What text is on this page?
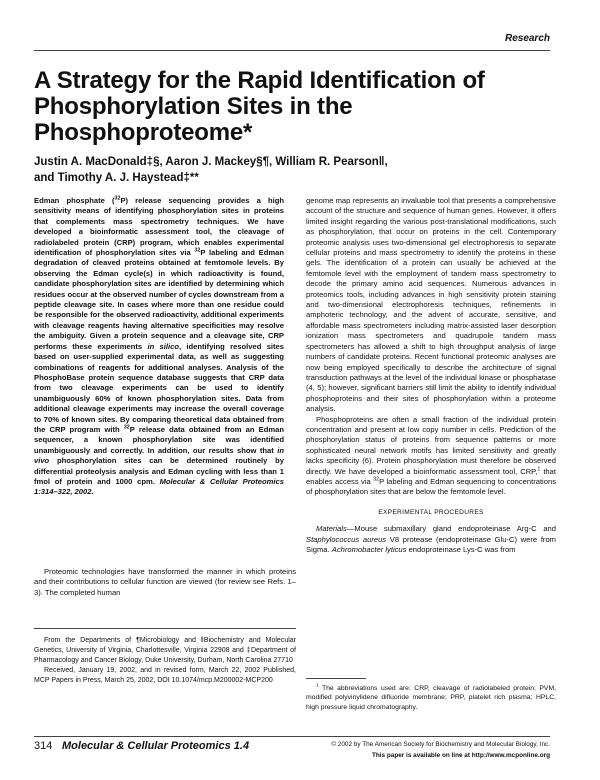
Research
A Strategy for the Rapid Identification of Phosphorylation Sites in the Phosphoproteome*
Justin A. MacDonald‡§, Aaron J. Mackey§¶, William R. Pearson‖,
and Timothy A. J. Haystead‡**

Edman phosphate ($^{32}$P) release sequencing provides a high sensitivity means of identifying phosphorylation sites in proteins that complements mass spectrometry techniques. We have developed a bioinformatic assessment tool, the cleavage of radiolabeled protein (CRP) program, which enables experimental identification of phosphorylation sites via $^{32}$P labeling and Edman degradation of cleaved proteins obtained at femtomole levels. By observing the Edman cycle(s) in which radioactivity is found, candidate phosphorylation sites are identified by determining which residues occur at the observed number of cycles downstream from a peptide cleavage site. In cases where more than one residue could be responsible for the observed radioactivity, additional experiments with cleavage reagents having alternative specificities may resolve the ambiguity. Given a protein sequence and a cleavage site, CRP performs these experiments in silico, identifying resolved sites based on user-supplied experimental data, as well as suggesting combinations of reagents for additional analyses. Analysis of the PhosphoBase protein sequence database suggests that CRP data from two cleavage experiments can be used to identify unambiguously 60% of known phosphorylation sites. Data from additional cleavage experiments may increase the overall coverage to 70% of known sites. By comparing theoretical data obtained from the CRP program with $^{32}$P release data obtained from an Edman sequencer, a known phosphorylation site was identified unambiguously and correctly. In addition, our results show that in vivo phosphorylation sites can be determined routinely by differential proteolysis analysis and Edman cycling with less than 1 fmol of protein and 1000 cpm. Molecular & Cellular Proteomics 1:314–322, 2002.

Proteomic technologies have transformed the manner in which proteins and their contributions to cellular function are viewed (for review see Refs. 1–3). The completed human

From the Departments of ¶Microbiology and ‖Biochemistry and Molecular Genetics, University of Virginia, Charlottesville, Virginia 22908 and ‡Department of Pharmacology and Cancer Biology, Duke University, Durham, North Carolina 27710

Received, January 19, 2002, and in revised form, March 22, 2002 Published, MCP Papers in Press, March 25, 2002, DOI 10.1074/mcp.M200002-MCP200

genome map represents an invaluable tool that presents a comprehensive account of the structure and sequence of human genes. However, it offers limited insight regarding the various post-translational modifications, such as phosphorylation, that occur on proteins in the cell. Contemporary proteomic analysis uses two-dimensional gel electrophoresis to separate cellular proteins and mass spectrometry to identify the proteins in these gels. The identification of a protein can usually be achieved at the femtomole level with the employment of tandem mass spectrometry to decode the primary amino acid sequences. Numerous advances in proteomics tools, including advances in high sensitivity protein staining and two-dimensional electrophoresis techniques, refinements in amphoteric technology, and the advent of accurate, sensitive, and affordable mass spectrometers including matrix-assisted laser desorption ionization mass spectrometers and quadrupole tandem mass spectrometers has allowed a shift to high throughput analysis of large numbers of candidate proteins. Recent functional proteomic analyses are now being employed specifically to describe the architecture of signal transduction pathways at the level of the individual kinase or phosphatase (4, 5); however, significant barriers still limit the ability to identify individual phosphoproteins and their sites of phosphorylation within a proteome analysis.

Phosphoproteins are often a small fraction of the individual protein concentration and present at low copy number in cells. Prediction of the phosphorylation status of proteins from sequence patterns or more sophisticated neural network motifs has limited sensitivity and greatly lacks specificity (6). Protein phosphorylation must therefore be observed directly. We have developed a bioinformatic assessment tool, CRP,$^1$ that enables access via $^{32}$P labeling and Edman sequencing to concentrations of phosphorylation sites that are below the femtomole level.

EXPERIMENTAL PROCEDURES

Materials—Mouse submaxillary gland endoproteinase Arg-C and Staphylococcus aureus V8 protease (endoproteinase Glu-C) were from Sigma. Achromobacter lyticus endoproteinase Lys-C was from

$^1$ The abbreviations used are: CRP, cleavage of radiolabeled protein; PVM, modified polyvinylidene difluoride membrane; PRP, platelet rich plasma; HPLC, high pressure liquid chromatography.

314 Molecular & Cellular Proteomics 1.4	© 2002 by The American Society for Biochemistry and Molecular Biology, Inc.
This paper is available on line at http://www.mcponline.org
